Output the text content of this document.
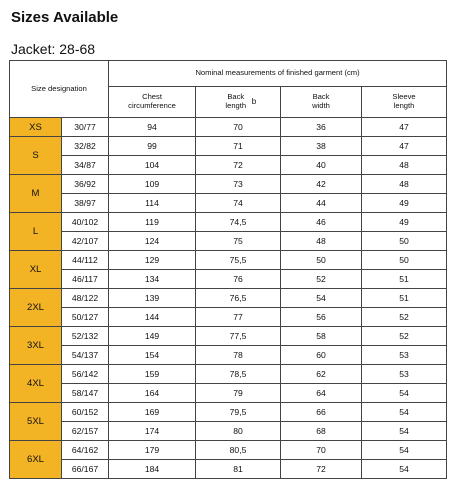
Sizes Available
Jacket: 28-68
Size designation		Nominal measurements of finished garment (cm)			
		Chest circumference	Back length $^b$	Back width	Sleeve length
XS	30/77	94	70	36	47
S	32/82	99	71	38	47
	34/87	104	72	40	48
M	36/92	109	73	42	48
	38/97	114	74	44	49
L	40/102	119	74,5	46	49
	42/107	124	75	48	50
XL	44/112	129	75,5	50	50
	46/117	134	76	52	51
2XL	48/122	139	76,5	54	51
	50/127	144	77	56	52
3XL	52/132	149	77,5	58	52
	54/137	154	78	60	53
4XL	56/142	159	78,5	62	53
	58/147	164	79	64	54
5XL	60/152	169	79,5	66	54
	62/157	174	80	68	54
6XL	64/162	179	80,5	70	54
	66/167	184	81	72	54
